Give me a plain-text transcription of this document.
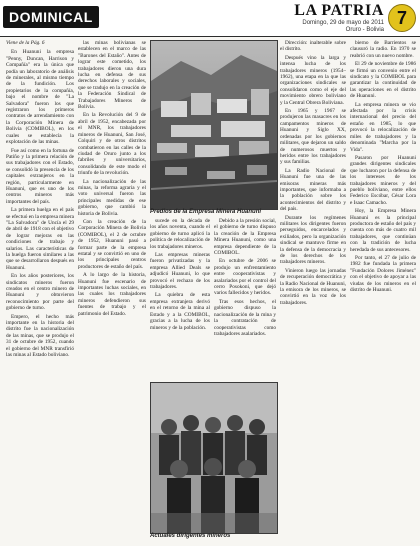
DOMINICAL	LA PATRIA
Domingo, 29 de mayo de 2011
Oruro - Bolivia
7

Viene de la Pág. 6

En Huanuni la empresa "Penny, Duncan, Harrison y Compañía" era la única que podía un laboratorio de análisis de minerales, al mismo tiempo de la fundición. Los propietarios de la compañía, bajo el nombre de "La Salvadora" fueron los que registraron los primeros contratos de arrendamiento con la Corporación Minera de Bolivia (COMIBOL), en los cuales se establecía la explotación de las minas.

Fue así como en la fortuna de Patiño y la primera relación de sus trabajadores con el Estado, se consolidó la presencia de los capitales extranjeros en la región, particularmente en Huanuni, que es uno de los centros mineros más importantes del país.

La primera huelga en el país se efectuó en la empresa minera "La Salvadora" de Uncía el 29 de abril de 1918 con el objetivo de lograr mejoras en las condiciones de trabajo y salarios. Las características de la huelga fueron similares a las que se desarrollaron después en Huanuni.

En los años posteriores, los sindicatos mineros fueron creados en el centro minero de Huanuni y obtuvieron reconocimiento por parte del gobierno de turno.

Empero, el hecho más importante en la historia del distrito fue la nacionalización de las minas, que se produjo el 31 de octubre de 1952, cuando el gobierno del MNR transfirió las minas al Estado boliviano.

las minas bolivianas se establecen en el marco de las "Barones del Estaño". Antes de lograr este cometido, los trabajadores dieron una dura lucha en defensa de sus derechos laborales y sociales, que se tradujo en la creación de la Federación Sindical de Trabajadores Mineros de Bolivia.

En la Revolución del 9 de abril de 1952, encabezada por el MNR, los trabajadores mineros de Huanuni, San José, Colquiri y de otros distritos combatieron en las calles de la ciudad de Oruro junto a los fabriles y universitarios, consolidando de este modo el triunfo de la revolución.

La nacionalización de las minas, la reforma agraria y el voto universal fueron las principales medidas de ese gobierno, que cambió la historia de Bolivia.

Con la creación de la Corporación Minera de Bolivia (COMIBOL), el 2 de octubre de 1952, Huanuni pasó a formar parte de la empresa estatal y se convirtió en uno de los principales centros productores de estaño del país.

A lo largo de la historia, Huanuni fue escenario de importantes luchas sociales, en las cuales los trabajadores mineros defendieron sus fuentes de trabajo y el patrimonio del Estado.

Predios de la Empresa Minera Huanuni

sucede en la década de los años noventa, cuando el gobierno de turno aplicó la política de relocalización de los trabajadores mineros.

Las empresas mineras fueron privatizadas y la empresa Allied Deals se adjudicó Huanuni, lo que provocó el rechazo de los trabajadores.

La quiebra de esta empresa extranjera derivó en el retorno de la mina al Estado y a la COMIBOL, gracias a la lucha de los mineros y de la población.

Debido a la presión social, el gobierno de turno dispuso la creación de la Empresa Minera Huanuni, como una empresa dependiente de la COMIBOL.

En octubre de 2006 se produjo un enfrentamiento entre cooperativistas y asalariados por el control del cerro Posokoni, que dejó varios fallecidos y heridos.

Tras esos hechos, el gobierno dispuso la nacionalización de la mina y la contratación de cooperativistas como trabajadores asalariados.

Actuales dirigentes mineros

Dirección: inalterable sobre el distrito.

Después vino la larga y intensa lucha de los trabajadores mineros (1954–1962), una etapa en la que las organizaciones sindicales se consolidaron como el eje del movimiento obrero boliviano y la Central Obrera Boliviana.

En 1965 y 1967 se produjeron las masacres en los campamentos mineros de Huanuni y Siglo XX, ordenadas por los gobiernos militares, que dejaron un saldo de numerosos muertos y heridos entre los trabajadores y sus familias.

La Radio Nacional de Huanuni fue una de las emisoras mineras más importantes, que informaba a la población sobre los acontecimientos del distrito y del país.

Durante los regímenes militares los dirigentes fueron perseguidos, encarcelados y exiliados, pero la organización sindical se mantuvo firme en la defensa de la democracia y de los derechos de los trabajadores mineros.

Vinieron luego las jornadas de recuperación democrática y la Radio Nacional de Huanuni, la emisora de los mineros, se convirtió en la voz de los trabajadores.

bierno de Barrientos se clausuró la radio. En 1970 se reabrió con un nuevo nombre.

El 29 de noviembre de 1986 se firmó un convenio entre el sindicato y la COMIBOL para garantizar la continuidad de las operaciones en el distrito de Huanuni.

La empresa minera se vio afectada por la crisis internacional del precio del estaño en 1985, lo que provocó la relocalización de miles de trabajadores y la denominada "Marcha por la Vida".

Pasaron por Huanuni grandes dirigentes sindicales que lucharon por la defensa de los intereses de los trabajadores mineros y del pueblo boliviano, entre ellos Federico Escóbar, César Lora e Isaac Camacho.

Hoy, la Empresa Minera Huanuni es la principal productora de estaño del país y cuenta con más de cuatro mil trabajadores, que continúan con la tradición de lucha heredada de sus antecesores.

Por tanto, el 27 de julio de 1982 fue fundada la primera "Fundación Dolores Jiménez" con el objetivo de apoyar a las viudas de los mineros en el distrito de Huanuni.
